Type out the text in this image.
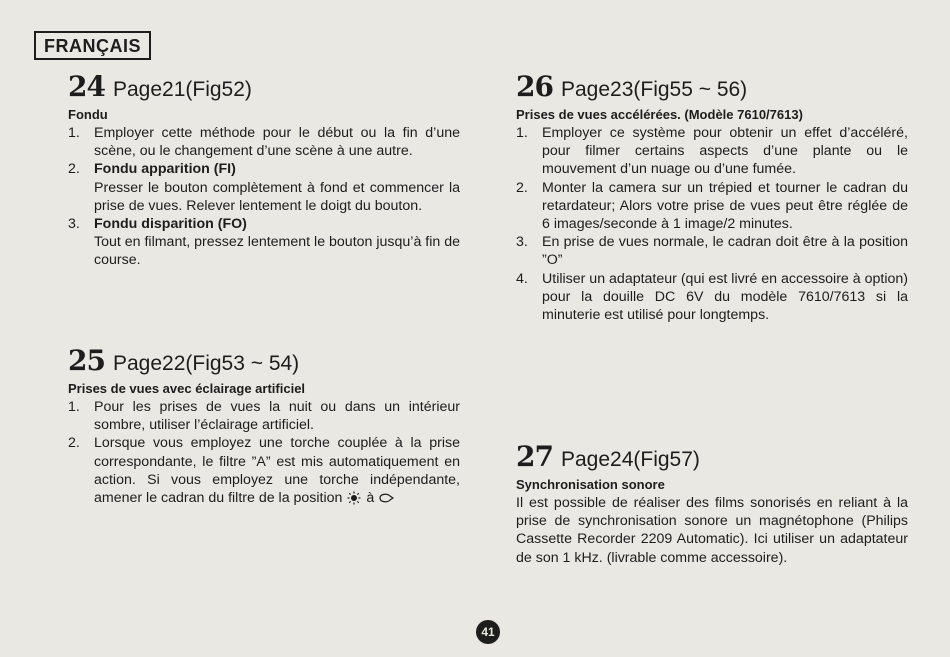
FRANÇAIS
24 Page21(Fig52)
Fondu
1. Employer cette méthode pour le début ou la fin d’une scène, ou le changement d’une scène à une autre.
2. Fondu apparition (FI)
Presser le bouton complètement à fond et commencer la prise de vues. Relever lentement le doigt du bouton.
3. Fondu disparition (FO)
Tout en filmant, pressez lentement le bouton jusqu’à fin de course.
25 Page22(Fig53 ~ 54)
Prises de vues avec éclairage artificiel
1. Pour les prises de vues la nuit ou dans un intérieur sombre, utiliser l’éclairage artificiel.
2. Lorsque vous employez une torche couplée à la prise correspondante, le filtre ”A” est mis automatiquement en action. Si vous employez une torche indépendante, amener le cadran du filtre de la position à
26 Page23(Fig55 ~ 56)
Prises de vues accélérées. (Modèle 7610/7613)
1. Employer ce système pour obtenir un effet d’accéléré, pour filmer certains aspects d’une plante ou le mouvement d’un nuage ou d’une fumée.
2. Monter la camera sur un trépied et tourner le cadran du retardateur; Alors votre prise de vues peut être réglée de 6 images/seconde à 1 image/2 minutes.
3. En prise de vues normale, le cadran doit être à la position ”O”
4. Utiliser un adaptateur (qui est livré en accessoire à option) pour la douille DC 6V du modèle 7610/7613 si la minuterie est utilisé pour longtemps.
27 Page24(Fig57)
Synchronisation sonore
Il est possible de réaliser des films sonorisés en reliant à la prise de synchronisation sonore un magnétophone (Philips Cassette Recorder 2209 Automatic). Ici utiliser un adaptateur de son 1 kHz. (livrable comme accessoire).
41
